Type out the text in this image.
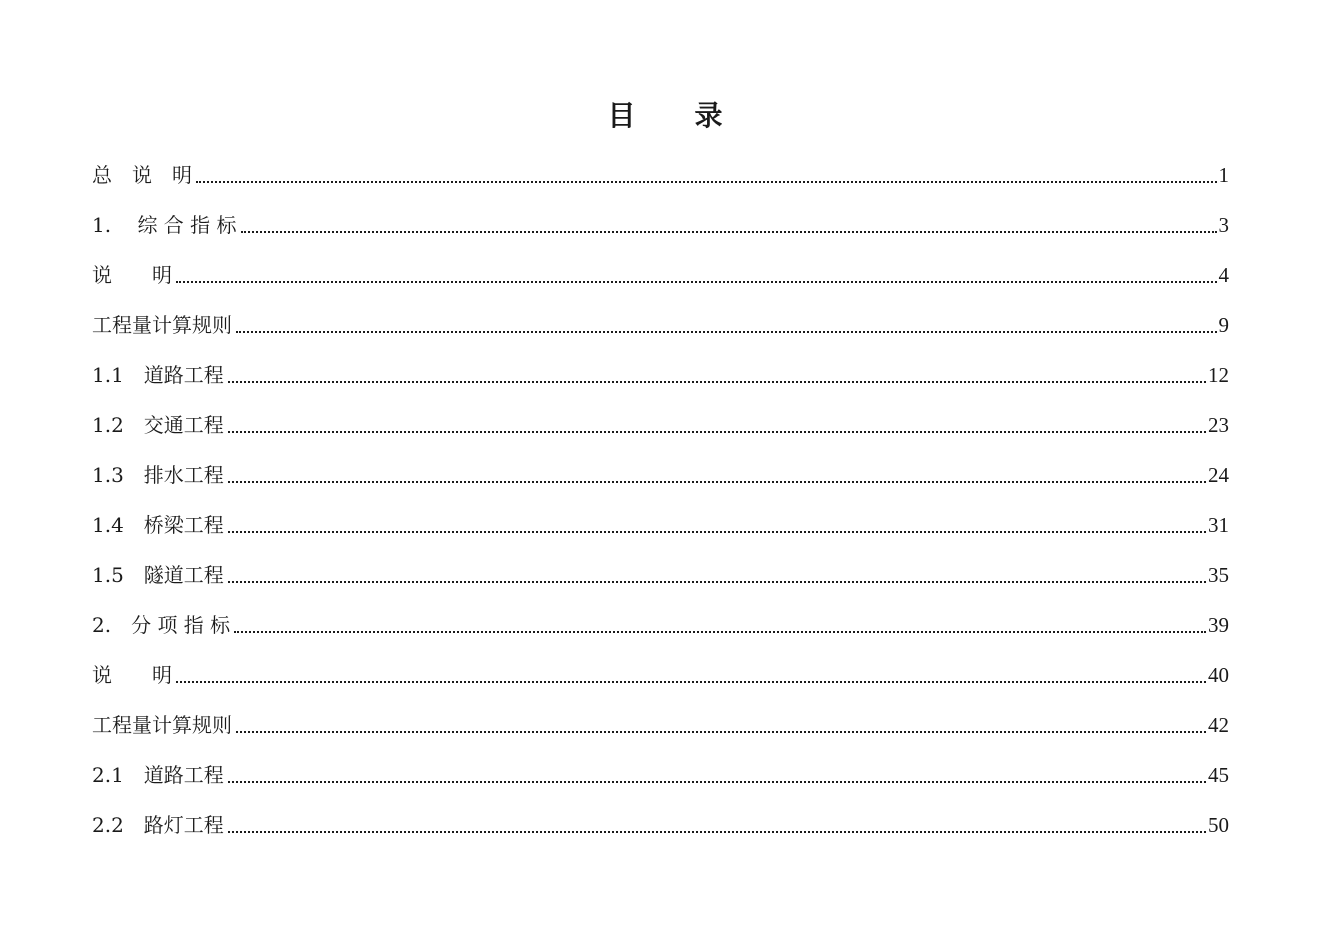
目　　录
总　说　明	1
1.　 综 合 指 标	3
说　　明	4
工程量计算规则	9
1.1　道路工程	12
1.2　交通工程	23
1.3　排水工程	24
1.4　桥梁工程	31
1.5　隧道工程	35
2.　分 项 指 标	39
说　　明	40
工程量计算规则	42
2.1　道路工程	45
2.2　路灯工程	50
